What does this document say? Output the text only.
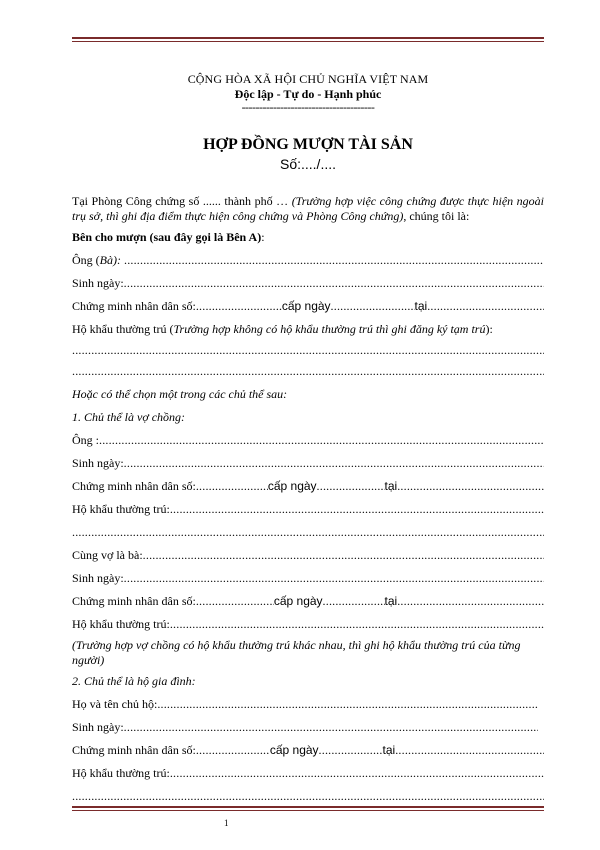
CỘNG HÒA XÃ HỘI CHỦ NGHĨA VIỆT NAM
Độc lập - Tự do - Hạnh phúc
--------------------------------------
HỢP ĐỒNG MƯỢN TÀI SẢN
Số:..../....

Tại Phòng Công chứng số ...... thành phố … (Trường hợp việc công chứng được thực hiện ngoài trụ sở, thì ghi địa điểm thực hiện công chứng và Phòng Công chứng), chúng tôi là:

Bên cho mượn (sau đây gọi là Bên A) :
Ông ( Bà):

.....
Sinh ngày:
.....
Chứng minh nhân dân số: .....	cấp ngày .....	tại
.....

Hộ khẩu thường trú (Trường hợp không có hộ khẩu thường trú thì ghi đăng ký tạm trú):

.....
.....
Hoặc có thể chọn một trong các chủ thể sau:
1. Chủ thể là vợ chồng:
Ông :
.....
Sinh ngày:
.....
Chứng minh nhân dân số: .....	cấp ngày .....	tại
.....
Hộ khẩu thường trú:
.....
.....
Cùng vợ là bà:
.....
Sinh ngày:
.....
Chứng minh nhân dân số: .....	cấp ngày .....	tại
.....
Hộ khẩu thường trú:
.....

(Trường hợp vợ chồng có hộ khẩu thường trú khác nhau, thì ghi hộ khẩu thường trú của từng người)

2. Chủ thể là hộ gia đình:
Họ và tên chủ hộ:
.....
Sinh ngày:
.....
Chứng minh nhân dân số: .....	cấp ngày .....	tại
.....
Hộ khẩu thường trú:
.....
.....
1
